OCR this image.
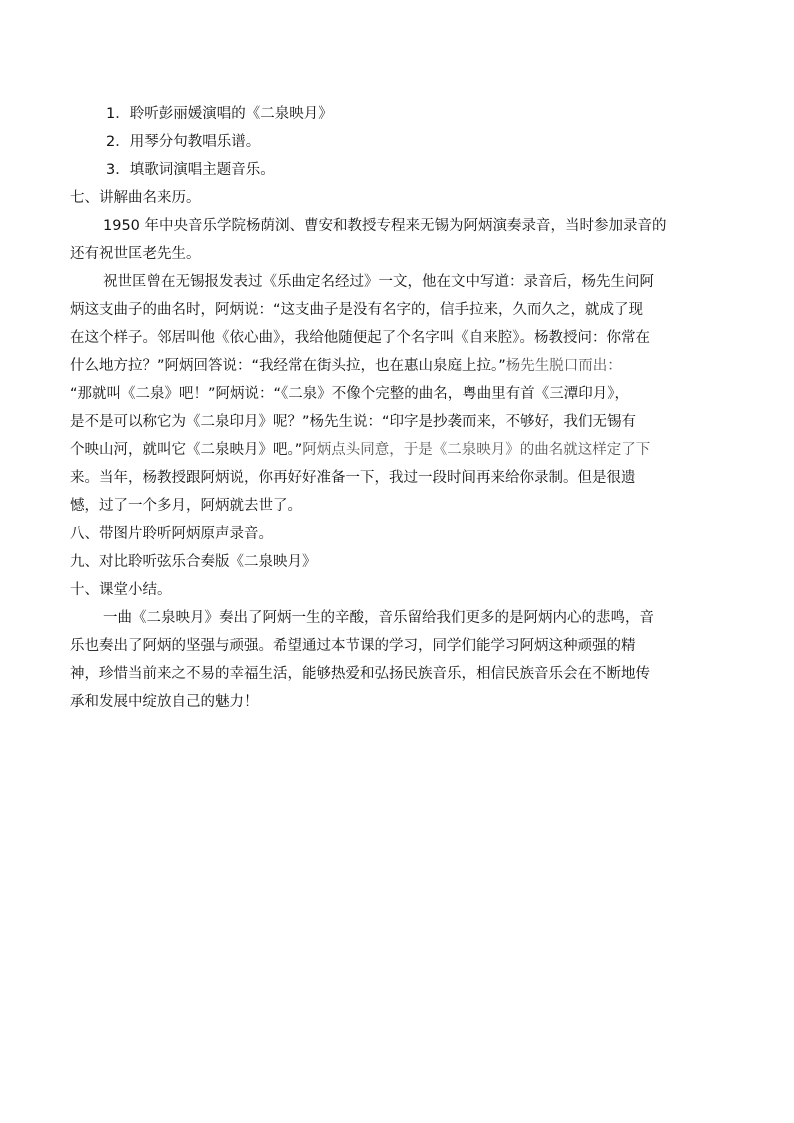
1．聆听彭丽媛演唱的《二泉映月》
2．用琴分句教唱乐谱。
3．填歌词演唱主题音乐。
七、讲解曲名来历。
1950 年中央音乐学院杨荫浏、曹安和教授专程来无锡为阿炳演奏录音，当时参加录音的
还有祝世匡老先生。
祝世匡曾在无锡报发表过《乐曲定名经过》一文，他在文中写道：录音后，杨先生问阿
炳这支曲子的曲名时，阿炳说：“这支曲子是没有名字的，信手拉来，久而久之，就成了现
在这个样子。邻居叫他《依心曲》，我给他随便起了个名字叫《自来腔》。杨教授问：你常在
什么地方拉？”阿炳回答说：“我经常在街头拉，也在惠山泉庭上拉。”杨先生脱口而出：
“那就叫《二泉》吧！”阿炳说：“《二泉》不像个完整的曲名，粤曲里有首《三潭印月》，
是不是可以称它为《二泉印月》呢？”杨先生说：“印字是抄袭而来，不够好，我们无锡有
个映山河，就叫它《二泉映月》吧。”阿炳点头同意，于是《二泉映月》的曲名就这样定了下
来。当年，杨教授跟阿炳说，你再好好准备一下，我过一段时间再来给你录制。但是很遗
憾，过了一个多月，阿炳就去世了。
八、带图片聆听阿炳原声录音。
九、对比聆听弦乐合奏版《二泉映月》
十、课堂小结。
一曲《二泉映月》奏出了阿炳一生的辛酸，音乐留给我们更多的是阿炳内心的悲鸣，音
乐也奏出了阿炳的坚强与顽强。希望通过本节课的学习，同学们能学习阿炳这种顽强的精
神，珍惜当前来之不易的幸福生活，能够热爱和弘扬民族音乐，相信民族音乐会在不断地传
承和发展中绽放自己的魅力！
